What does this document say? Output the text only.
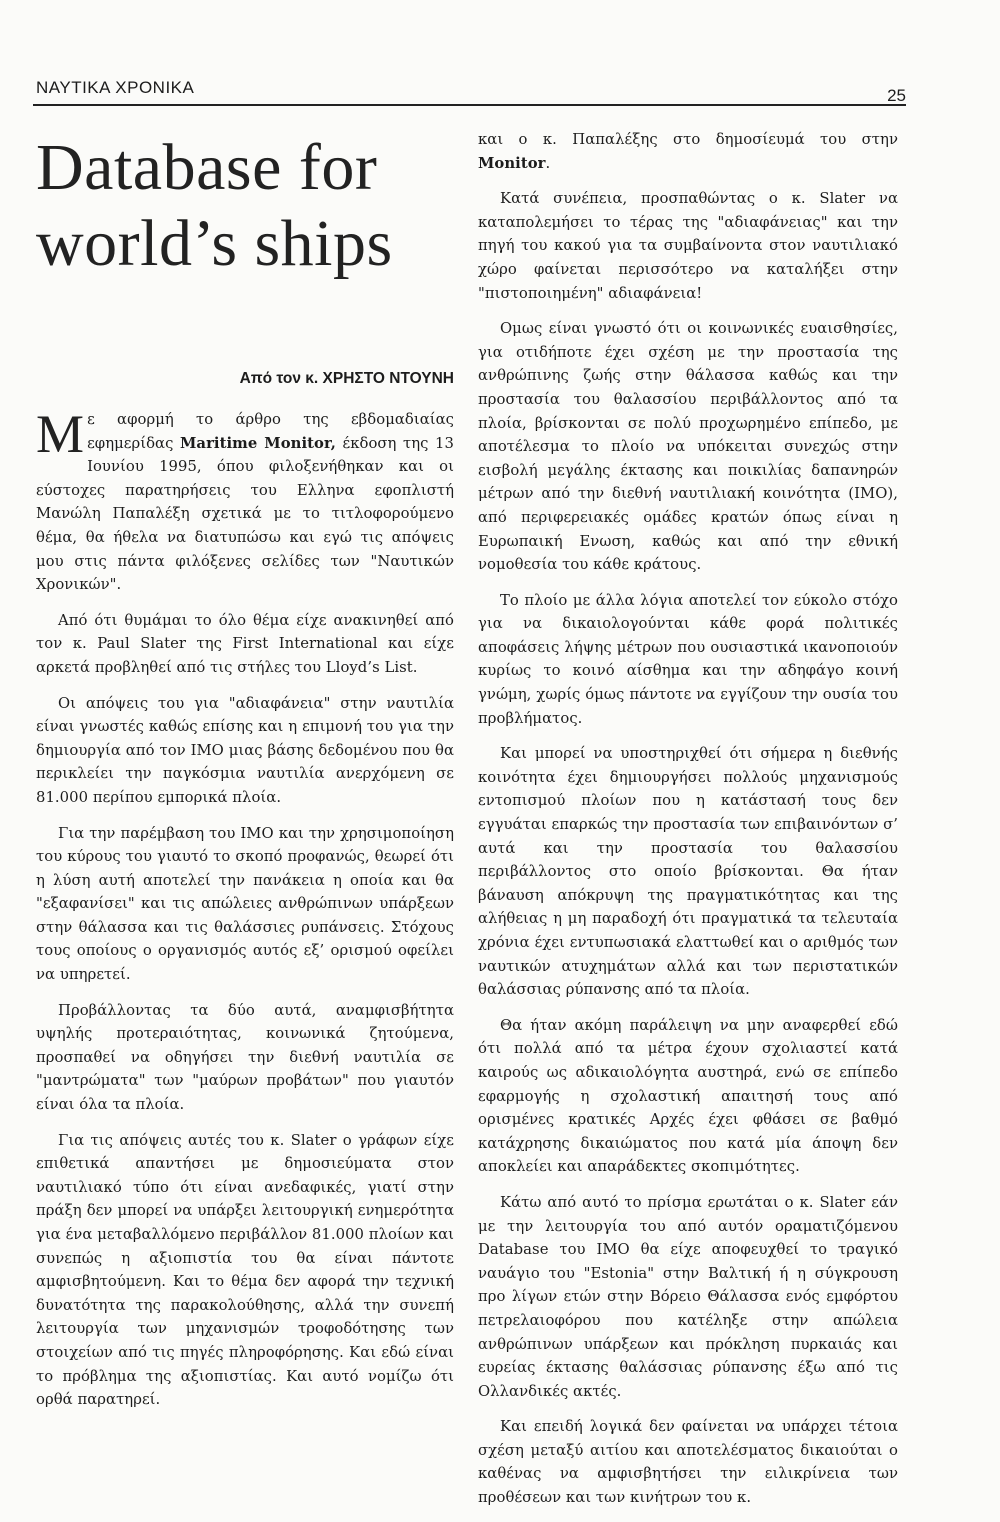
ΝΑΥΤΙΚΑ ΧΡΟΝΙΚΑ	25
Database for world’s ships
Από τον κ. ΧΡΗΣΤΟ ΝΤΟΥΝΗ

Mε αφορμή το άρθρο της εβδομαδιαίας εφημερίδας Maritime Monitor, έκδοση της 13 Ιουνίου 1995, όπου φιλοξενήθηκαν και οι εύστοχες παρατηρήσεις του Ελληνα εφοπλιστή Μανώλη Παπαλέξη σχετικά με το τιτλοφορούμενο θέμα, θα ήθελα να διατυπώσω και εγώ τις απόψεις μου στις πάντα φιλόξενες σελίδες των "Ναυτικών Χρονικών".

Από ότι θυμάμαι το όλο θέμα είχε ανακινηθεί από τον κ. Paul Slater της First International και είχε αρκετά προβληθεί από τις στήλες του Lloyd’s List.

Οι απόψεις του για "αδιαφάνεια" στην ναυτιλία είναι γνωστές καθώς επίσης και η επιμονή του για την δημιουργία από τον ΙΜΟ μιας βάσης δεδομένου που θα περικλείει την παγκόσμια ναυτιλία ανερχόμενη σε 81.000 περίπου εμπορικά πλοία.

Για την παρέμβαση του ΙΜΟ και την χρησιμοποίηση του κύρους του γιαυτό το σκοπό προφανώς, θεωρεί ότι η λύση αυτή αποτελεί την πανάκεια η οποία και θα "εξαφανίσει" και τις απώλειες ανθρώπινων υπάρξεων στην θάλασσα και τις θαλάσσιες ρυπάνσεις. Στόχους τους οποίους ο οργανισμός αυτός εξ’ ορισμού οφείλει να υπηρετεί.

Προβάλλοντας τα δύο αυτά, αναμφισβήτητα υψηλής προτεραιότητας, κοινωνικά ζητούμενα, προσπαθεί να οδηγήσει την διεθνή ναυτιλία σε "μαντρώματα" των "μαύρων προβάτων" που γιαυτόν είναι όλα τα πλοία.

Για τις απόψεις αυτές του κ. Slater ο γράφων είχε επιθετικά απαντήσει με δημοσιεύματα στον ναυτιλιακό τύπο ότι είναι ανεδαφικές, γιατί στην πράξη δεν μπορεί να υπάρξει λειτουργική ενημερότητα για ένα μεταβαλλόμενο περιβάλλον 81.000 πλοίων και συνεπώς η αξιοπιστία του θα είναι πάντοτε αμφισβητούμενη. Και το θέμα δεν αφορά την τεχνική δυνατότητα της παρακολούθησης, αλλά την συνεπή λειτουργία των μηχανισμών τροφοδότησης των στοιχείων από τις πηγές πληροφόρησης. Και εδώ είναι το πρόβλημα της αξιοπιστίας. Και αυτό νομίζω ότι ορθά παρατηρεί.

και ο κ. Παπαλέξης στο δημοσίευμά του στην Monitor.

Κατά συνέπεια, προσπαθώντας ο κ. Slater να καταπολεμήσει το τέρας της "αδιαφάνειας" και την πηγή του κακού για τα συμβαίνοντα στον ναυτιλιακό χώρο φαίνεται περισσότερο να καταλήξει στην "πιστοποιημένη" αδιαφάνεια!

Ομως είναι γνωστό ότι οι κοινωνικές ευαισθησίες, για οτιδήποτε έχει σχέση με την προστασία της ανθρώπινης ζωής στην θάλασσα καθώς και την προστασία του θαλασσίου περιβάλλοντος από τα πλοία, βρίσκονται σε πολύ προχωρημένο επίπεδο, με αποτέλεσμα το πλοίο να υπόκειται συνεχώς στην εισβολή μεγάλης έκτασης και ποικιλίας δαπανηρών μέτρων από την διεθνή ναυτιλιακή κοινότητα (ΙΜΟ), από περιφερειακές ομάδες κρατών όπως είναι η Ευρωπαική Ενωση, καθώς και από την εθνική νομοθεσία του κάθε κράτους.

Το πλοίο με άλλα λόγια αποτελεί τον εύκολο στόχο για να δικαιολογούνται κάθε φορά πολιτικές αποφάσεις λήψης μέτρων που ουσιαστικά ικανοποιούν κυρίως το κοινό αίσθημα και την αδηφάγο κοινή γνώμη, χωρίς όμως πάντοτε να εγγίζουν την ουσία του προβλήματος.

Και μπορεί να υποστηριχθεί ότι σήμερα η διεθνής κοινότητα έχει δημιουργήσει πολλούς μηχανισμούς εντοπισμού πλοίων που η κατάστασή τους δεν εγγυάται επαρκώς την προστασία των επιβαινόντων σ’ αυτά και την προστασία του θαλασσίου περιβάλλοντος στο οποίο βρίσκονται. Θα ήταν βάναυση απόκρυψη της πραγματικότητας και της αλήθειας η μη παραδοχή ότι πραγματικά τα τελευταία χρόνια έχει εντυπωσιακά ελαττωθεί και ο αριθμός των ναυτικών ατυχημάτων αλλά και των περιστατικών θαλάσσιας ρύπανσης από τα πλοία.

Θα ήταν ακόμη παράλειψη να μην αναφερθεί εδώ ότι πολλά από τα μέτρα έχουν σχολιαστεί κατά καιρούς ως αδικαιολόγητα αυστηρά, ενώ σε επίπεδο εφαρμογής η σχολαστική απαιτησή τους από ορισμένες κρατικές Αρχές έχει φθάσει σε βαθμό κατάχρησης δικαιώματος που κατά μία άποψη δεν αποκλείει και απαράδεκτες σκοπιμότητες.

Κάτω από αυτό το πρίσμα ερωτάται ο κ. Slater εάν με την λειτουργία του από αυτόν οραματιζόμενου Database του ΙΜΟ θα είχε αποφευχθεί το τραγικό ναυάγιο του "Estonia" στην Βαλτική ή η σύγκρουση προ λίγων ετών στην Βόρειο Θάλασσα ενός εμφόρτου πετρελαιοφόρου που κατέληξε στην απώλεια ανθρώπινων υπάρξεων και πρόκληση πυρκαιάς και ευρείας έκτασης θαλάσσιας ρύπανσης έξω από τις Ολλανδικές ακτές.

Και επειδή λογικά δεν φαίνεται να υπάρχει τέτοια σχέση μεταξύ αιτίου και αποτελέσματος δικαιούται ο καθένας να αμφισβητήσει την ειλικρίνεια των προθέσεων και των κινήτρων του κ.
